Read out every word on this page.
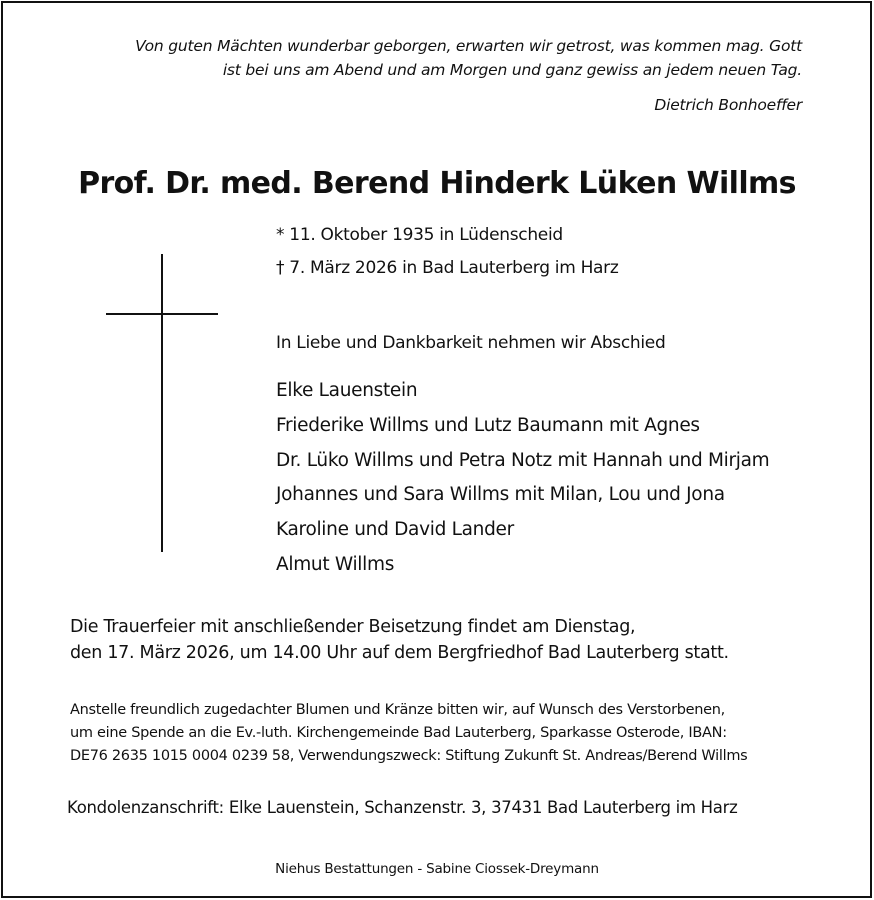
Von guten Mächten wunderbar geborgen, erwarten wir getrost, was kommen mag. Gott
ist bei uns am Abend und am Morgen und ganz gewiss an jedem neuen Tag.
Dietrich Bonhoeffer
Prof. Dr. med. Berend Hinderk Lüken Willms
* 11. Oktober 1935 in Lüdenscheid
† 7. März 2026 in Bad Lauterberg im Harz
In Liebe und Dankbarkeit nehmen wir Abschied
Elke Lauenstein
Friederike Willms und Lutz Baumann mit Agnes
Dr. Lüko Willms und Petra Notz mit Hannah und Mirjam
Johannes und Sara Willms mit Milan, Lou und Jona
Karoline und David Lander
Almut Willms
Die Trauerfeier mit anschließender Beisetzung findet am Dienstag,
den 17. März 2026, um 14.00 Uhr auf dem Bergfriedhof Bad Lauterberg statt.
Anstelle freundlich zugedachter Blumen und Kränze bitten wir, auf Wunsch des Verstorbenen,
um eine Spende an die Ev.-luth. Kirchengemeinde Bad Lauterberg, Sparkasse Osterode, IBAN:
DE76 2635 1015 0004 0239 58, Verwendungszweck: Stiftung Zukunft St. Andreas/Berend Willms
Kondolenzanschrift: Elke Lauenstein, Schanzenstr. 3, 37431 Bad Lauterberg im Harz
Niehus Bestattungen - Sabine Ciossek-Dreymann
